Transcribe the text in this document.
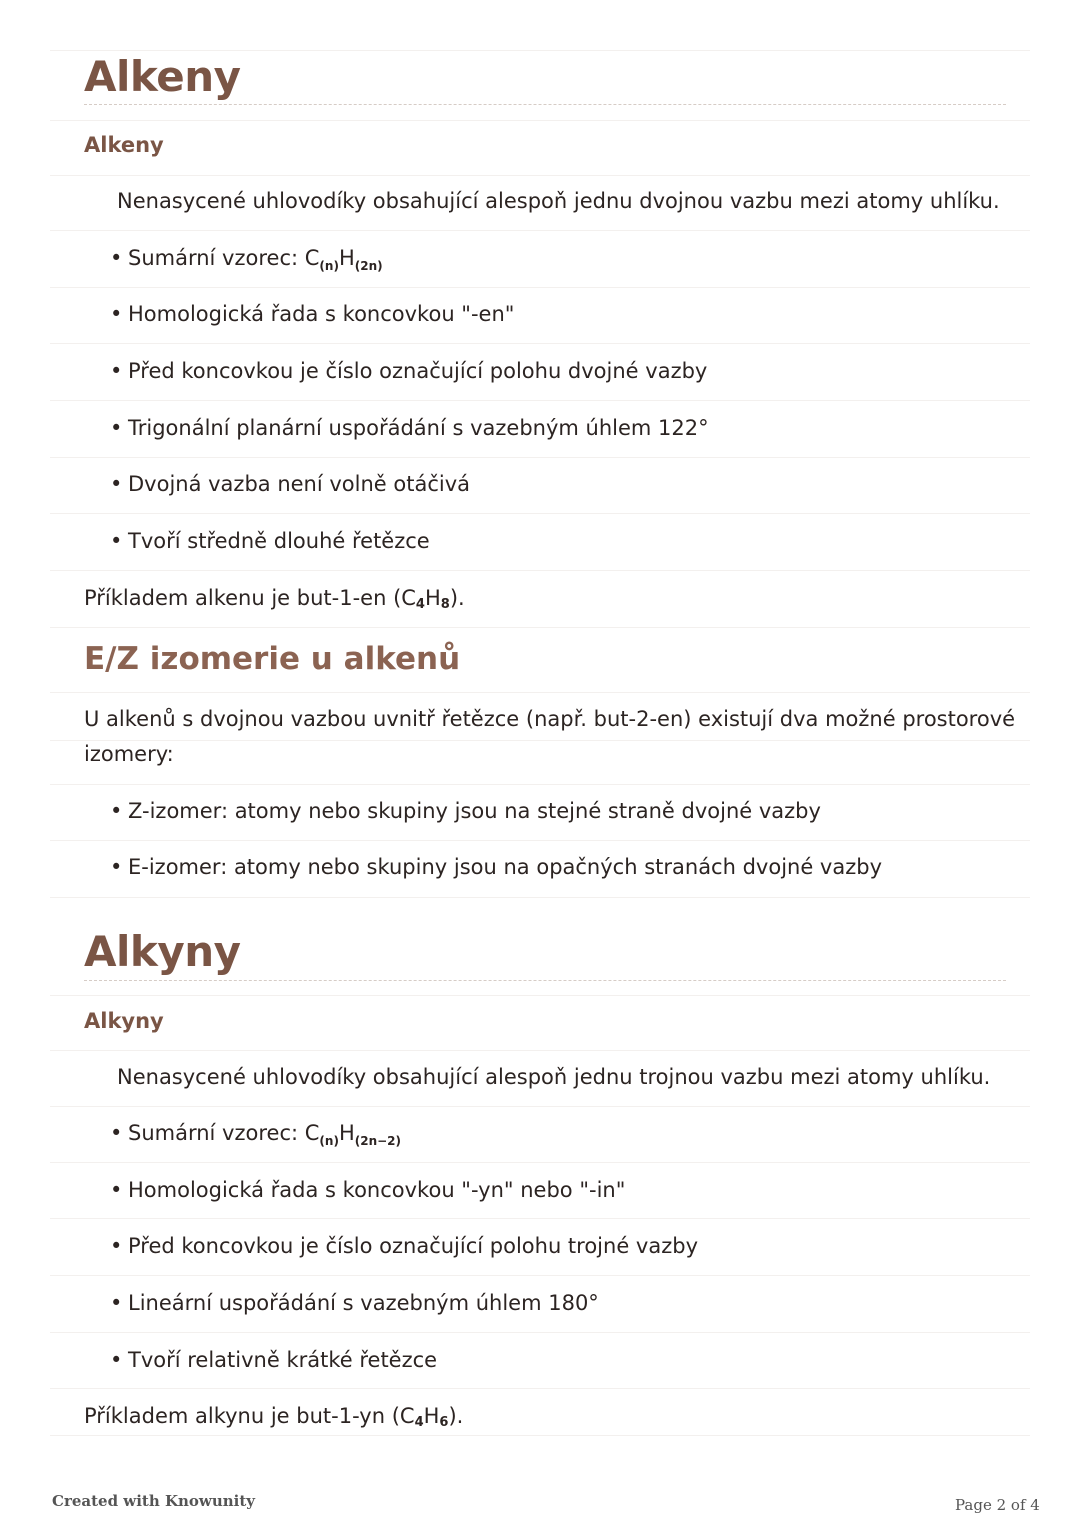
Alkeny
Alkeny
Nenasycené uhlovodíky obsahující alespoň jednu dvojnou vazbu mezi atomy uhlíku.
• Sumární vzorec: $C_{(n)}H_{(2n)}$
• Homologická řada s koncovkou "-en"
• Před koncovkou je číslo označující polohu dvojné vazby
• Trigonální planární uspořádání s vazebným úhlem 122°
• Dvojná vazba není volně otáčivá
• Tvoří středně dlouhé řetězce
Příkladem alkenu je but-1-en (C4H8).
E/Z izomerie u alkenů
U alkenů s dvojnou vazbou uvnitř řetězce (např. but-2-en) existují dva možné prostorové
izomery:
• Z-izomer: atomy nebo skupiny jsou na stejné straně dvojné vazby
• E-izomer: atomy nebo skupiny jsou na opačných stranách dvojné vazby
Alkyny
Alkyny
Nenasycené uhlovodíky obsahující alespoň jednu trojnou vazbu mezi atomy uhlíku.
• Sumární vzorec: $C_{(n)}H_{(2n-2)}$
• Homologická řada s koncovkou "-yn" nebo "-in"
• Před koncovkou je číslo označující polohu trojné vazby
• Lineární uspořádání s vazebným úhlem 180°
• Tvoří relativně krátké řetězce
Příkladem alkynu je but-1-yn (C4H6).
Created with Knowunity	Page 2 of 4
